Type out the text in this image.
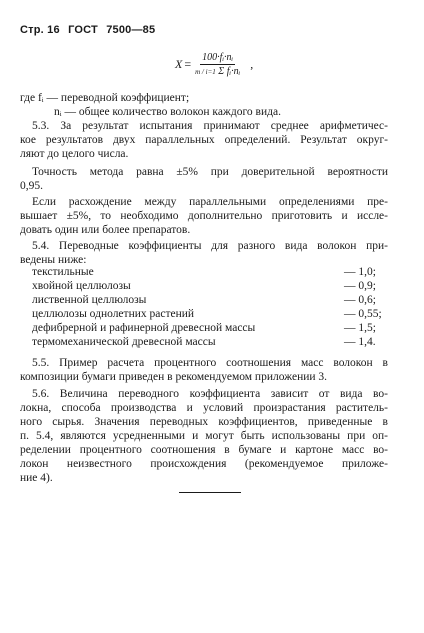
Стр. 16 ГОСТ 7500—85
$X = \frac{\text{100·fᵢ·nᵢ}}{\text{m / i=1 Σ fᵢ·nᵢ}}$ ,
где fᵢ — переводной коэффициент;
nᵢ — общее количество волокон каждого вида.
5.3. За результат испытания принимают среднее арифметичес-
кое результатов двух параллельных определений. Результат округ-
ляют до целого числа.
Точность метода равна ±5% при доверительной вероятности
0,95.
Если расхождение между параллельными определениями пре-
вышает ±5%, то необходимо дополнительно приготовить и иссле-
довать один или более препаратов.
5.4. Переводные коэффициенты для разного вида волокон при-
ведены ниже:
текстильные	— 1,0;
хвойной целлюлозы	— 0,9;
лиственной целлюлозы	— 0,6;
целлюлозы однолетних растений	— 0,55;
дефибрерной и рафинерной древесной массы	— 1,5;
термомеханической древесной массы	— 1,4.
5.5. Пример расчета процентного соотношения масс волокон в
композиции бумаги приведен в рекомендуемом приложении 3.
5.6. Величина переводного коэффициента зависит от вида во-
локна, способа производства и условий произрастания раститель-
ного сырья. Значения переводных коэффициентов, приведенные в
п. 5.4, являются усредненными и могут быть использованы при оп-
ределении процентного соотношения в бумаге и картоне масс во-
локон неизвестного происхождения (рекомендуемое приложе-
ние 4).
